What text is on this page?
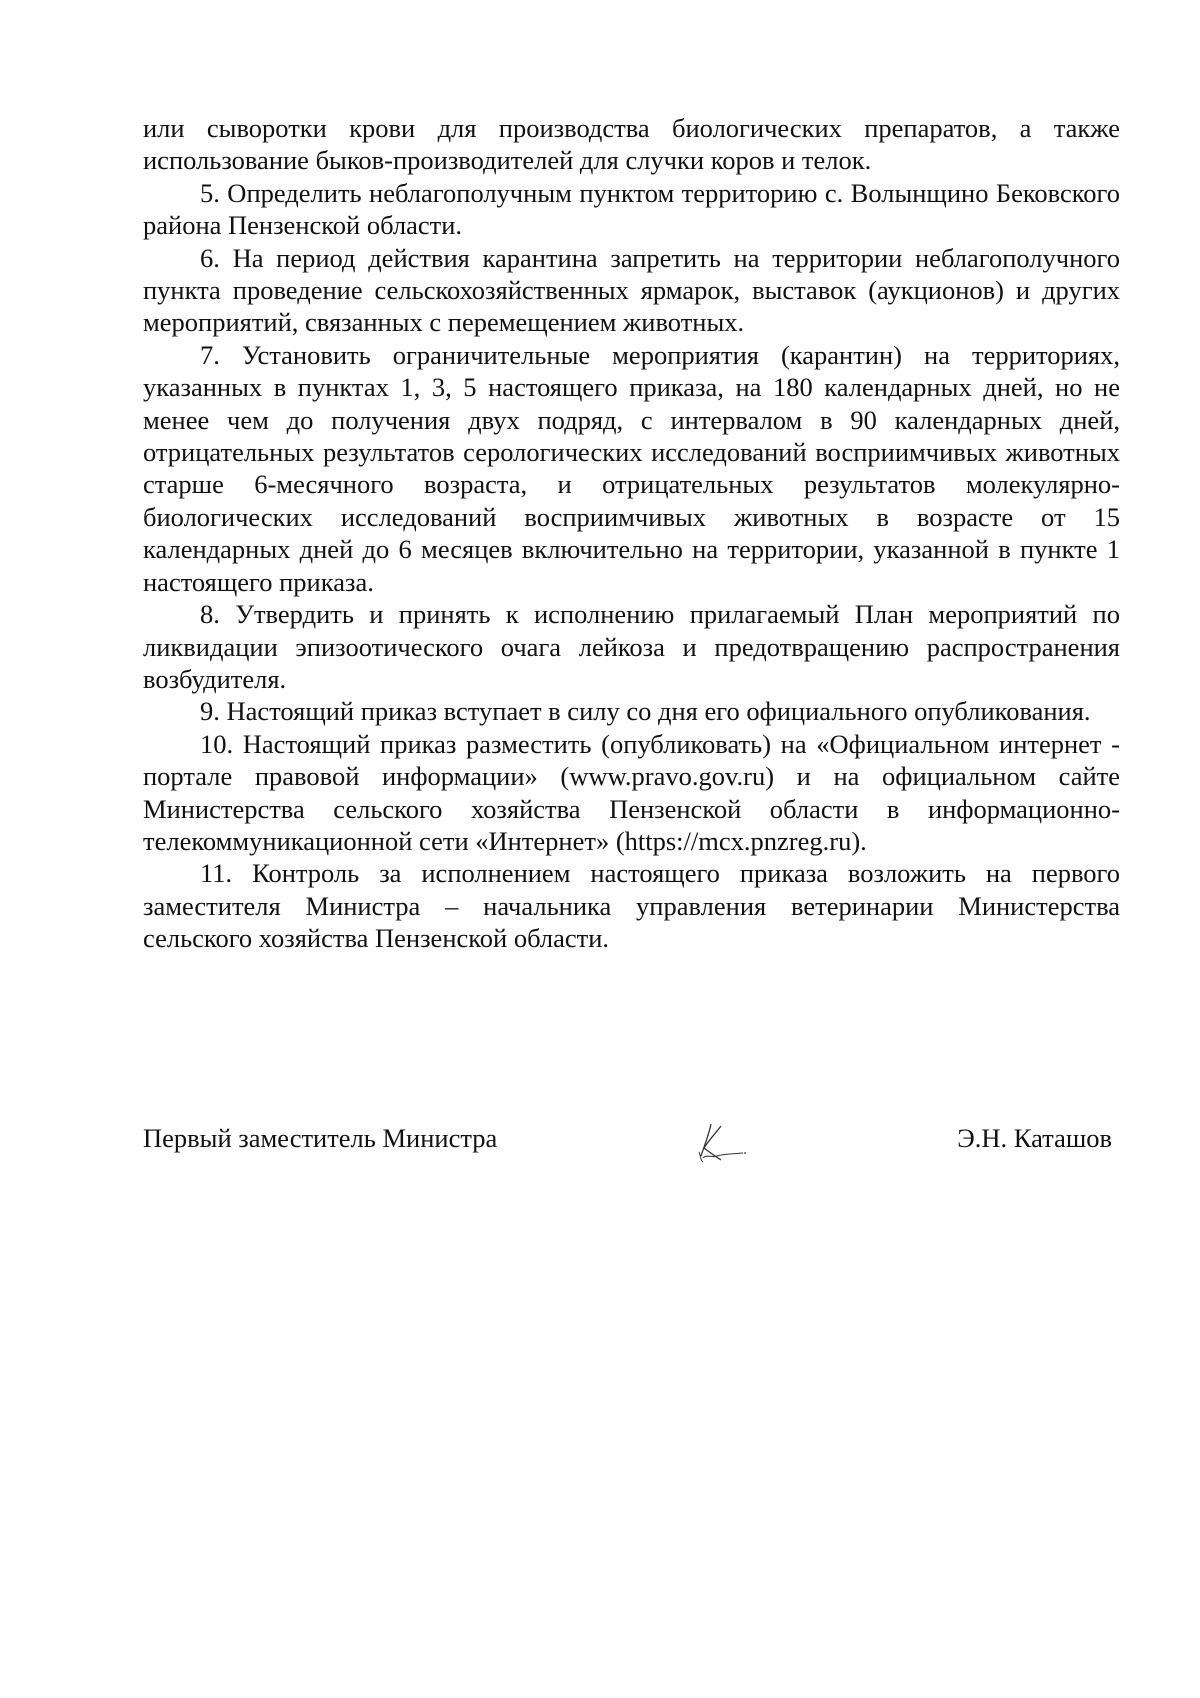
или сыворотки крови для производства биологических препаратов, а также использование быков-производителей для случки коров и телок.

5. Определить неблагополучным пунктом территорию с. Волынщино Бековского района Пензенской области.

6. На период действия карантина запретить на территории неблагополучного пункта проведение сельскохозяйственных ярмарок, выставок (аукционов) и других мероприятий, связанных с перемещением животных.

7. Установить ограничительные мероприятия (карантин) на территориях, указанных в пунктах 1, 3, 5 настоящего приказа, на 180 календарных дней, но не менее чем до получения двух подряд, с интервалом в 90 календарных дней, отрицательных результатов серологических исследований восприимчивых животных старше 6-месячного возраста, и отрицательных результатов молекулярно-биологических исследований восприимчивых животных в возрасте от 15 календарных дней до 6 месяцев включительно на территории, указанной в пункте 1 настоящего приказа.

8. Утвердить и принять к исполнению прилагаемый План мероприятий по ликвидации эпизоотического очага лейкоза и предотвращению распространения возбудителя.

9. Настоящий приказ вступает в силу со дня его официального опубликования.

10. Настоящий приказ разместить (опубликовать) на «Официальном интернет - портале правовой информации» (www.pravo.gov.ru) и на официальном сайте Министерства сельского хозяйства Пензенской области в информационно-телекоммуникационной сети «Интернет» (https://mcx.pnzreg.ru).

11. Контроль за исполнением настоящего приказа возложить на первого заместителя Министра – начальника управления ветеринарии Министерства сельского хозяйства Пензенской области.

Первый заместитель Министра	Э.Н. Каташов
